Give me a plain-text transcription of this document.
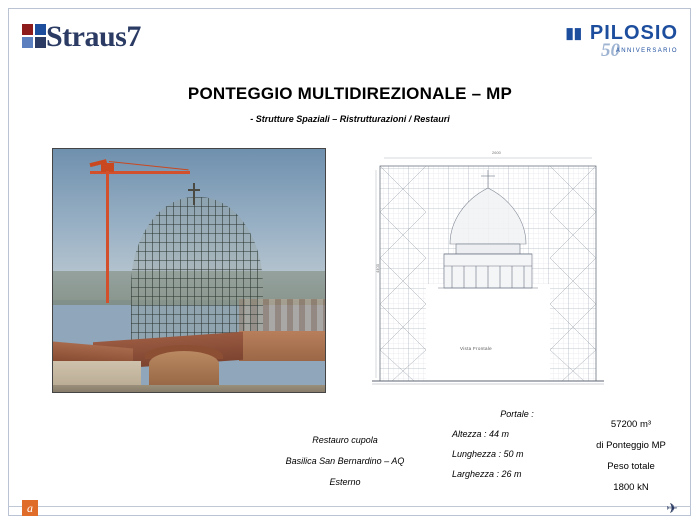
Straus7	▮▮ PILOSIO
50
ANNIVERSARIO
PONTEGGIO MULTIDIREZIONALE – MP
- Strutture Spaziali – Ristrutturazioni / Restauri
4400
2600
Vista Frontale
Restauro cupola
Basilica San Bernardino – AQ
Esterno
Portale :
Altezza : 44 m
Lunghezza : 50 m
Larghezza : 26 m
57200 m³
di Ponteggio MP
Peso totale
1800 kN
a	✈
